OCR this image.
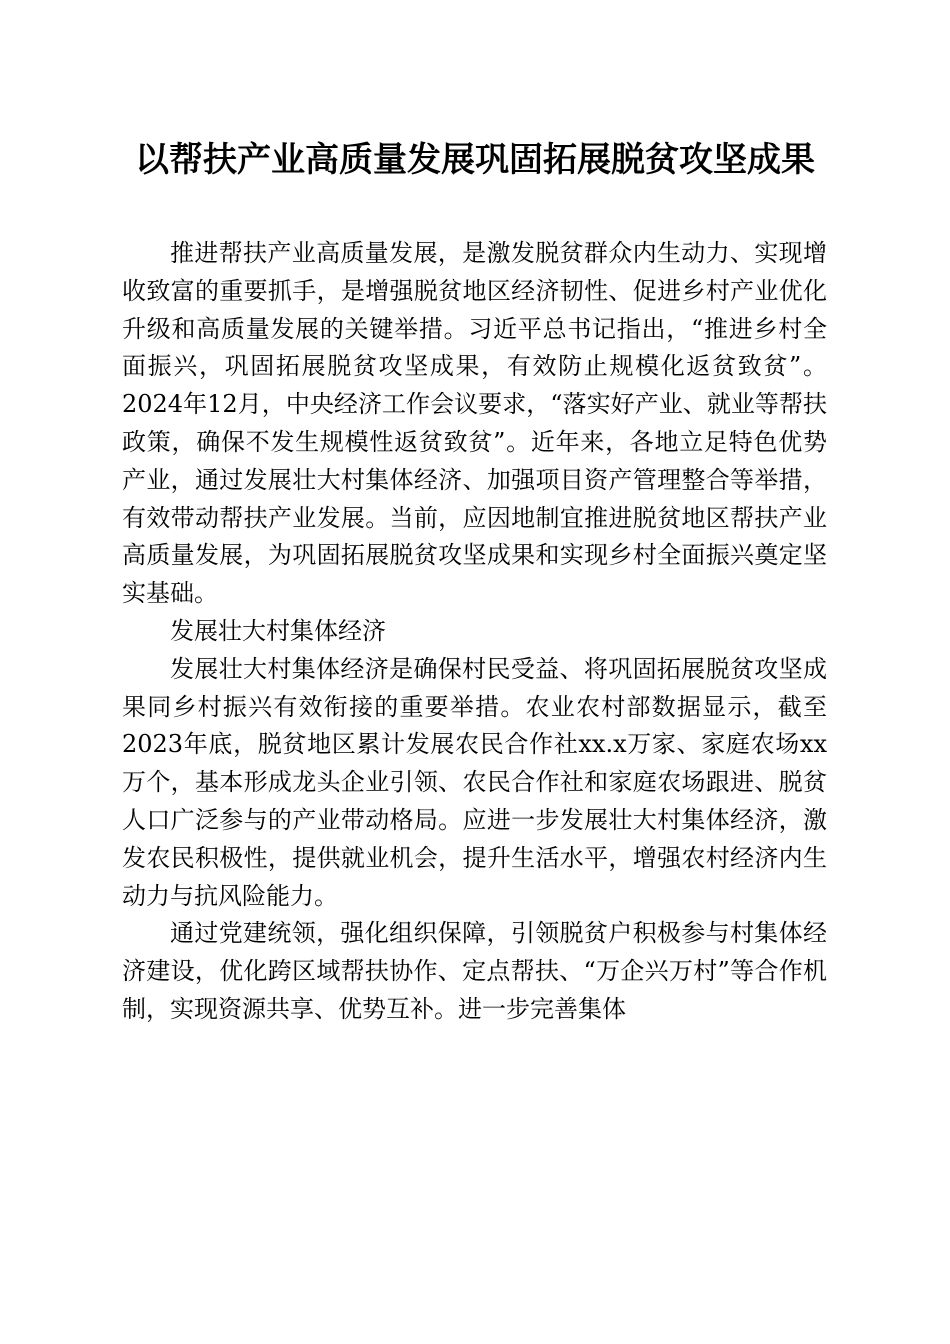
以帮扶产业高质量发展巩固拓展脱贫攻坚成果

推进帮扶产业高质量发展，是激发脱贫群众内生动力、实现增收致富的重要抓手，是增强脱贫地区经济韧性、促进乡村产业优化升级和高质量发展的关键举措。习近平总书记指出，“推进乡村全面振兴，巩固拓展脱贫攻坚成果，有效防止规模化返贫致贫”。2024年12月，中央经济工作会议要求，“落实好产业、就业等帮扶政策，确保不发生规模性返贫致贫”。近年来，各地立足特色优势产业，通过发展壮大村集体经济、加强项目资产管理整合等举措，有效带动帮扶产业发展。当前，应因地制宜推进脱贫地区帮扶产业高质量发展，为巩固拓展脱贫攻坚成果和实现乡村全面振兴奠定坚实基础。

发展壮大村集体经济

发展壮大村集体经济是确保村民受益、将巩固拓展脱贫攻坚成果同乡村振兴有效衔接的重要举措。农业农村部数据显示，截至2023年底，脱贫地区累计发展农民合作社xx.x万家、家庭农场xx万个，基本形成龙头企业引领、农民合作社和家庭农场跟进、脱贫人口广泛参与的产业带动格局。应进一步发展壮大村集体经济，激发农民积极性，提供就业机会，提升生活水平，增强农村经济内生动力与抗风险能力。

通过党建统领，强化组织保障，引领脱贫户积极参与村集体经济建设，优化跨区域帮扶协作、定点帮扶、“万企兴万村”等合作机制，实现资源共享、优势互补。进一步完善集体
